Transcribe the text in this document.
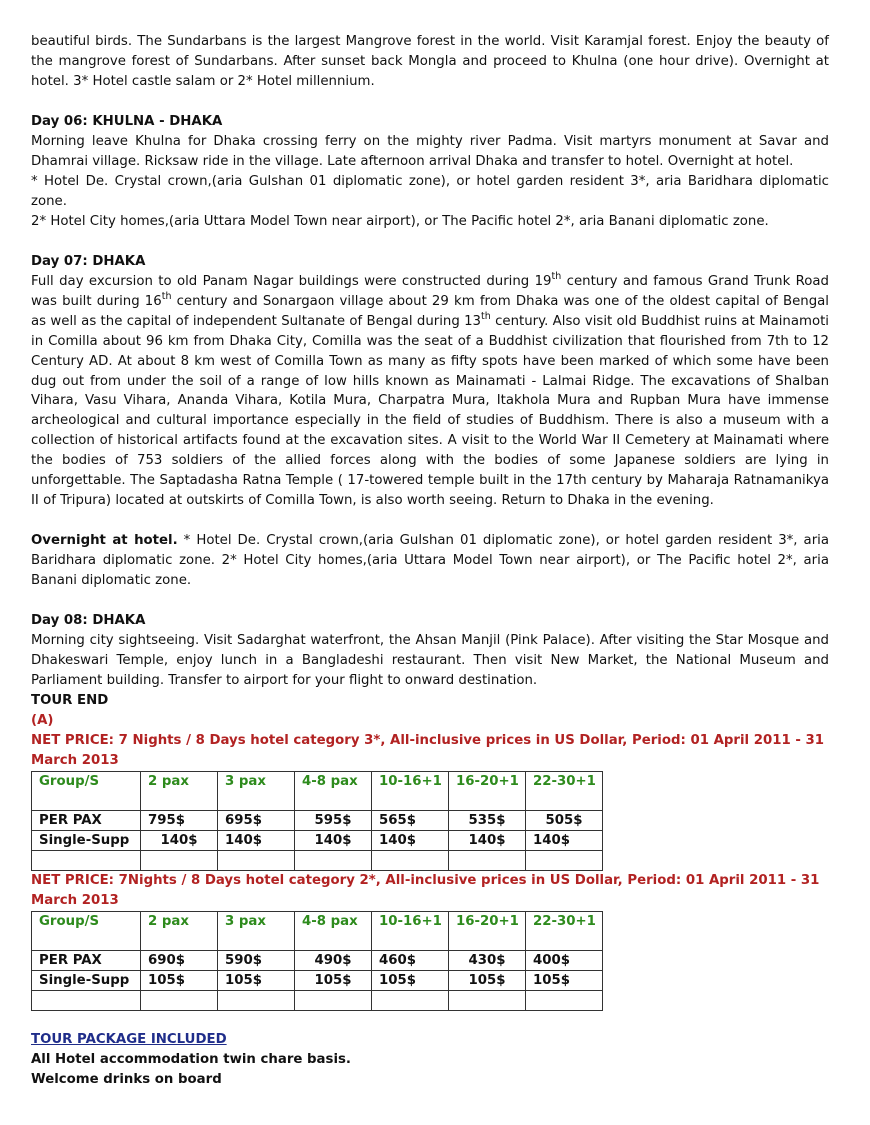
beautiful birds. The Sundarbans is the largest Mangrove forest in the world. Visit Karamjal forest. Enjoy the beauty of the mangrove forest of Sundarbans. After sunset back Mongla and proceed to Khulna (one hour drive). Overnight at hotel. 3* Hotel castle salam or 2* Hotel millennium.

Day 06: KHULNA - DHAKA

Morning leave Khulna for Dhaka crossing ferry on the mighty river Padma. Visit martyrs monument at Savar and Dhamrai village. Ricksaw ride in the village. Late afternoon arrival Dhaka and transfer to hotel. Overnight at hotel.

* Hotel De. Crystal crown,(aria Gulshan 01 diplomatic zone), or hotel garden resident 3*, aria Baridhara diplomatic zone.

2* Hotel City homes,(aria Uttara Model Town near airport), or The Pacific hotel 2*, aria Banani diplomatic zone.

Day 07: DHAKA

Full day excursion to old Panam Nagar buildings were constructed during 19th century and famous Grand Trunk Road was built during 16th century and Sonargaon village about 29 km from Dhaka was one of the oldest capital of Bengal as well as the capital of independent Sultanate of Bengal during 13th century. Also visit old Buddhist ruins at Mainamoti in Comilla about 96 km from Dhaka City, Comilla was the seat of a Buddhist civilization that flourished from 7th to 12 Century AD. At about 8 km west of Comilla Town as many as fifty spots have been marked of which some have been dug out from under the soil of a range of low hills known as Mainamati - Lalmai Ridge. The excavations of Shalban Vihara, Vasu Vihara, Ananda Vihara, Kotila Mura, Charpatra Mura, Itakhola Mura and Rupban Mura have immense archeological and cultural importance especially in the field of studies of Buddhism. There is also a museum with a collection of historical artifacts found at the excavation sites. A visit to the World War II Cemetery at Mainamati where the bodies of 753 soldiers of the allied forces along with the bodies of some Japanese soldiers are lying in unforgettable. The Saptadasha Ratna Temple ( 17-towered temple built in the 17th century by Maharaja Ratnamanikya II of Tripura) located at outskirts of Comilla Town, is also worth seeing. Return to Dhaka in the evening.

Overnight at hotel. * Hotel De. Crystal crown,(aria Gulshan 01 diplomatic zone), or hotel garden resident 3*, aria Baridhara diplomatic zone. 2* Hotel City homes,(aria Uttara Model Town near airport), or The Pacific hotel 2*, aria Banani diplomatic zone.

Day 08: DHAKA

Morning city sightseeing. Visit Sadarghat waterfront, the Ahsan Manjil (Pink Palace). After visiting the Star Mosque and Dhakeswari Temple, enjoy lunch in a Bangladeshi restaurant. Then visit New Market, the National Museum and Parliament building. Transfer to airport for your flight to onward destination.

TOUR END
(A)
NET PRICE: 7 Nights / 8 Days hotel category 3*, All-inclusive prices in US Dollar, Period: 01 April 2011 - 31 March 2013
Group/S	2 pax	3 pax	4-8 pax	10-16+1	16-20+1	22-30+1
PER PAX	795$	695$	595$	565$	535$	505$
Single-Supp	140$	140$	140$	140$	140$	140$

NET PRICE: 7Nights / 8 Days hotel category 2*, All-inclusive prices in US Dollar, Period: 01 April 2011 - 31 March 2013
Group/S	2 pax	3 pax	4-8 pax	10-16+1	16-20+1	22-30+1
PER PAX	690$	590$	490$	460$	430$	400$
Single-Supp	105$	105$	105$	105$	105$	105$

TOUR PACKAGE INCLUDED
All Hotel accommodation twin chare basis.
Welcome drinks on board
